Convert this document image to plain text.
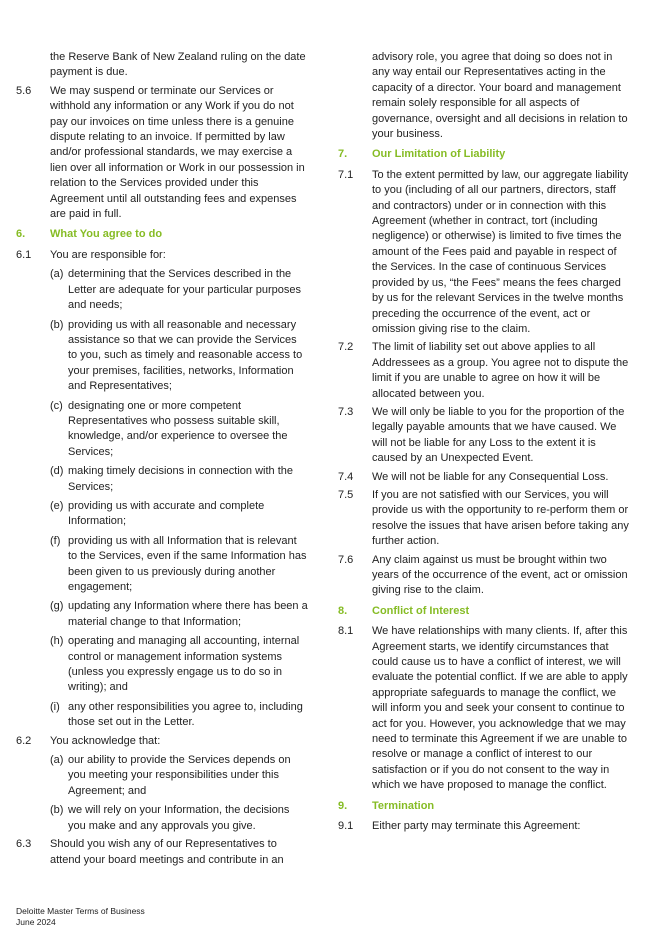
the Reserve Bank of New Zealand ruling on the date payment is due.
5.6 We may suspend or terminate our Services or withhold any information or any Work if you do not pay our invoices on time unless there is a genuine dispute relating to an invoice. If permitted by law and/or professional standards, we may exercise a lien over all information or Work in our possession in relation to the Services provided under this Agreement until all outstanding fees and expenses are paid in full.
6. What You agree to do
6.1 You are responsible for:
(a) determining that the Services described in the Letter are adequate for your particular purposes and needs;
(b) providing us with all reasonable and necessary assistance so that we can provide the Services to you, such as timely and reasonable access to your premises, facilities, networks, Information and Representatives;
(c) designating one or more competent Representatives who possess suitable skill, knowledge, and/or experience to oversee the Services;
(d) making timely decisions in connection with the Services;
(e) providing us with accurate and complete Information;
(f) providing us with all Information that is relevant to the Services, even if the same Information has been given to us previously during another engagement;
(g) updating any Information where there has been a material change to that Information;
(h) operating and managing all accounting, internal control or management information systems (unless you expressly engage us to do so in writing); and
(i) any other responsibilities you agree to, including those set out in the Letter.
6.2 You acknowledge that:
(a) our ability to provide the Services depends on you meeting your responsibilities under this Agreement; and
(b) we will rely on your Information, the decisions you make and any approvals you give.
6.3 Should you wish any of our Representatives to attend your board meetings and contribute in an
advisory role, you agree that doing so does not in any way entail our Representatives acting in the capacity of a director. Your board and management remain solely responsible for all aspects of governance, oversight and all decisions in relation to your business.
7. Our Limitation of Liability
7.1 To the extent permitted by law, our aggregate liability to you (including of all our partners, directors, staff and contractors) under or in connection with this Agreement (whether in contract, tort (including negligence) or otherwise) is limited to five times the amount of the Fees paid and payable in respect of the Services. In the case of continuous Services provided by us, “the Fees” means the fees charged by us for the relevant Services in the twelve months preceding the occurrence of the event, act or omission giving rise to the claim.
7.2 The limit of liability set out above applies to all Addressees as a group. You agree not to dispute the limit if you are unable to agree on how it will be allocated between you.
7.3 We will only be liable to you for the proportion of the legally payable amounts that we have caused. We will not be liable for any Loss to the extent it is caused by an Unexpected Event.
7.4 We will not be liable for any Consequential Loss.
7.5 If you are not satisfied with our Services, you will provide us with the opportunity to re-perform them or resolve the issues that have arisen before taking any further action.
7.6 Any claim against us must be brought within two years of the occurrence of the event, act or omission giving rise to the claim.
8. Conflict of Interest
8.1 We have relationships with many clients. If, after this Agreement starts, we identify circumstances that could cause us to have a conflict of interest, we will evaluate the potential conflict. If we are able to apply appropriate safeguards to manage the conflict, we will inform you and seek your consent to continue to act for you. However, you acknowledge that we may need to terminate this Agreement if we are unable to resolve or manage a conflict of interest to our satisfaction or if you do not consent to the way in which we have proposed to manage the conflict.
9. Termination
9.1 Either party may terminate this Agreement:
Deloitte Master Terms of Business
June 2024
